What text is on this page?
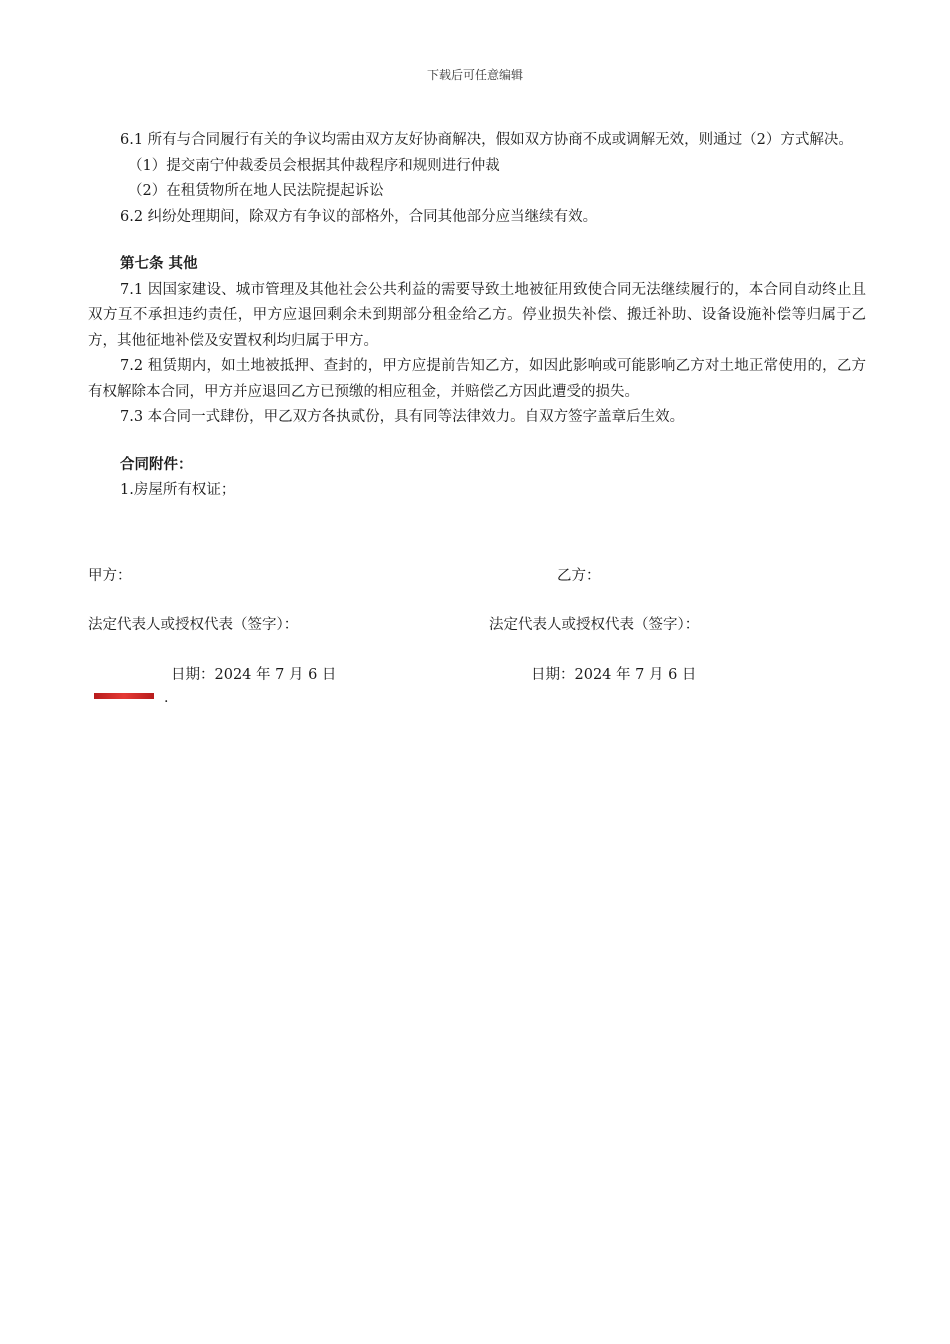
下载后可任意编辑

6.1 所有与合同履行有关的争议均需由双方友好协商解决，假如双方协商不成或调解无效，则通过（2）方式解决。

（1）提交南宁仲裁委员会根据其仲裁程序和规则进行仲裁

（2）在租赁物所在地人民法院提起诉讼

6.2 纠纷处理期间，除双方有争议的部格外，合同其他部分应当继续有效。

第七条 其他

7.1 因国家建设、城市管理及其他社会公共利益的需要导致土地被征用致使合同无法继续履行的，本合同自动终止且双方互不承担违约责任，甲方应退回剩余未到期部分租金给乙方。停业损失补偿、搬迁补助、设备设施补偿等归属于乙方，其他征地补偿及安置权利均归属于甲方。

7.2 租赁期内，如土地被抵押、查封的，甲方应提前告知乙方，如因此影响或可能影响乙方对土地正常使用的，乙方有权解除本合同，甲方并应退回乙方已预缴的相应租金，并赔偿乙方因此遭受的损失。

7.3 本合同一式肆份，甲乙双方各执贰份，具有同等法律效力。自双方签字盖章后生效。

合同附件：

1.房屋所有权证；

甲方：	乙方：
法定代表人或授权代表（签字）：	法定代表人或授权代表（签字）：
日期：2024 年 7 月 6 日	日期：2024 年 7 月 6 日
.
